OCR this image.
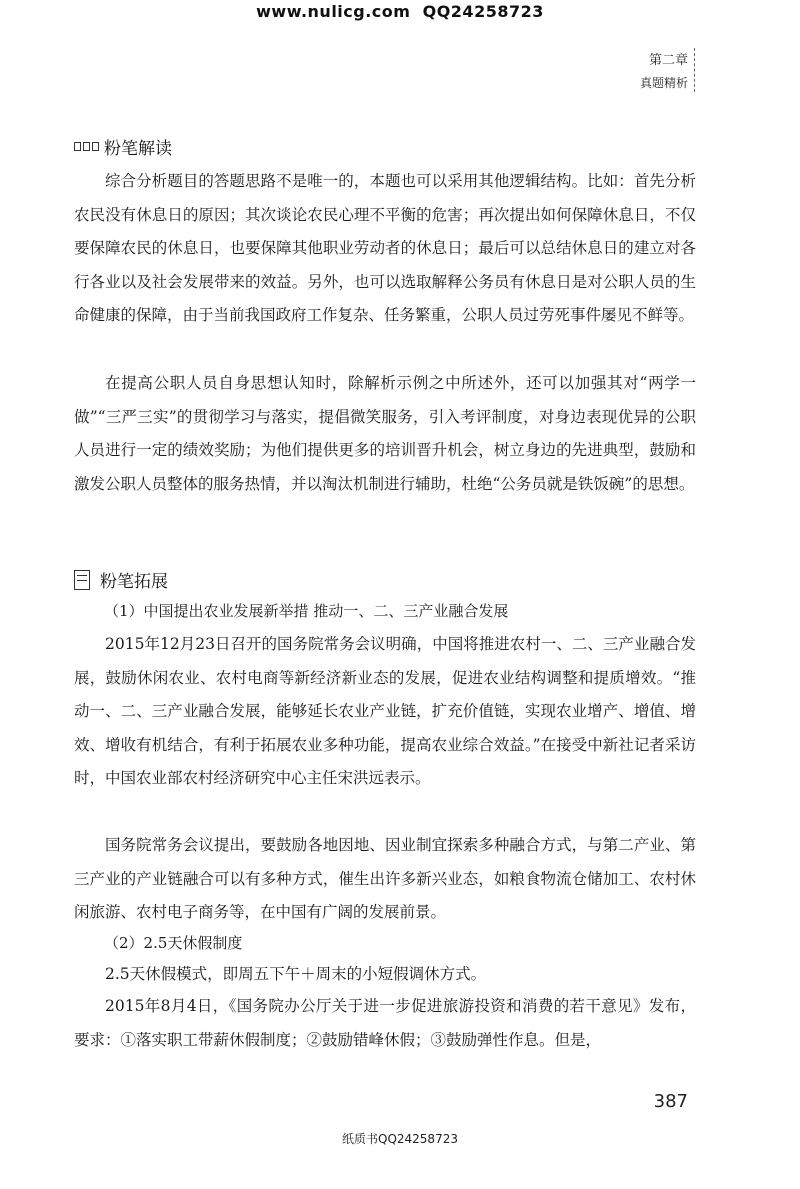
www.nulicg.com  QQ24258723
第二章
真题精析
粉笔解读

综合分析题目的答题思路不是唯一的，本题也可以采用其他逻辑结构。比如：首先分析农民没有休息日的原因；其次谈论农民心理不平衡的危害；再次提出如何保障休息日，不仅要保障农民的休息日，也要保障其他职业劳动者的休息日；最后可以总结休息日的建立对各行各业以及社会发展带来的效益。另外，也可以选取解释公务员有休息日是对公职人员的生命健康的保障，由于当前我国政府工作复杂、任务繁重，公职人员过劳死事件屡见不鲜等。

在提高公职人员自身思想认知时，除解析示例之中所述外，还可以加强其对“两学一做”“三严三实”的贯彻学习与落实，提倡微笑服务，引入考评制度，对身边表现优异的公职人员进行一定的绩效奖励；为他们提供更多的培训晋升机会，树立身边的先进典型，鼓励和激发公职人员整体的服务热情，并以淘汰机制进行辅助，杜绝“公务员就是铁饭碗”的思想。

粉笔拓展

（1）中国提出农业发展新举措 推动一、二、三产业融合发展

2015年12月23日召开的国务院常务会议明确，中国将推进农村一、二、三产业融合发展，鼓励休闲农业、农村电商等新经济新业态的发展，促进农业结构调整和提质增效。“推动一、二、三产业融合发展，能够延长农业产业链，扩充价值链，实现农业增产、增值、增效、增收有机结合，有利于拓展农业多种功能，提高农业综合效益。”在接受中新社记者采访时，中国农业部农村经济研究中心主任宋洪远表示。

国务院常务会议提出，要鼓励各地因地、因业制宜探索多种融合方式，与第二产业、第三产业的产业链融合可以有多种方式，催生出许多新兴业态，如粮食物流仓储加工、农村休闲旅游、农村电子商务等，在中国有广阔的发展前景。

（2）2.5天休假制度

2.5天休假模式，即周五下午＋周末的小短假调休方式。

2015年8月4日，《国务院办公厅关于进一步促进旅游投资和消费的若干意见》发布，要求：①落实职工带薪休假制度；②鼓励错峰休假；③鼓励弹性作息。但是，

387
纸质书QQ24258723
